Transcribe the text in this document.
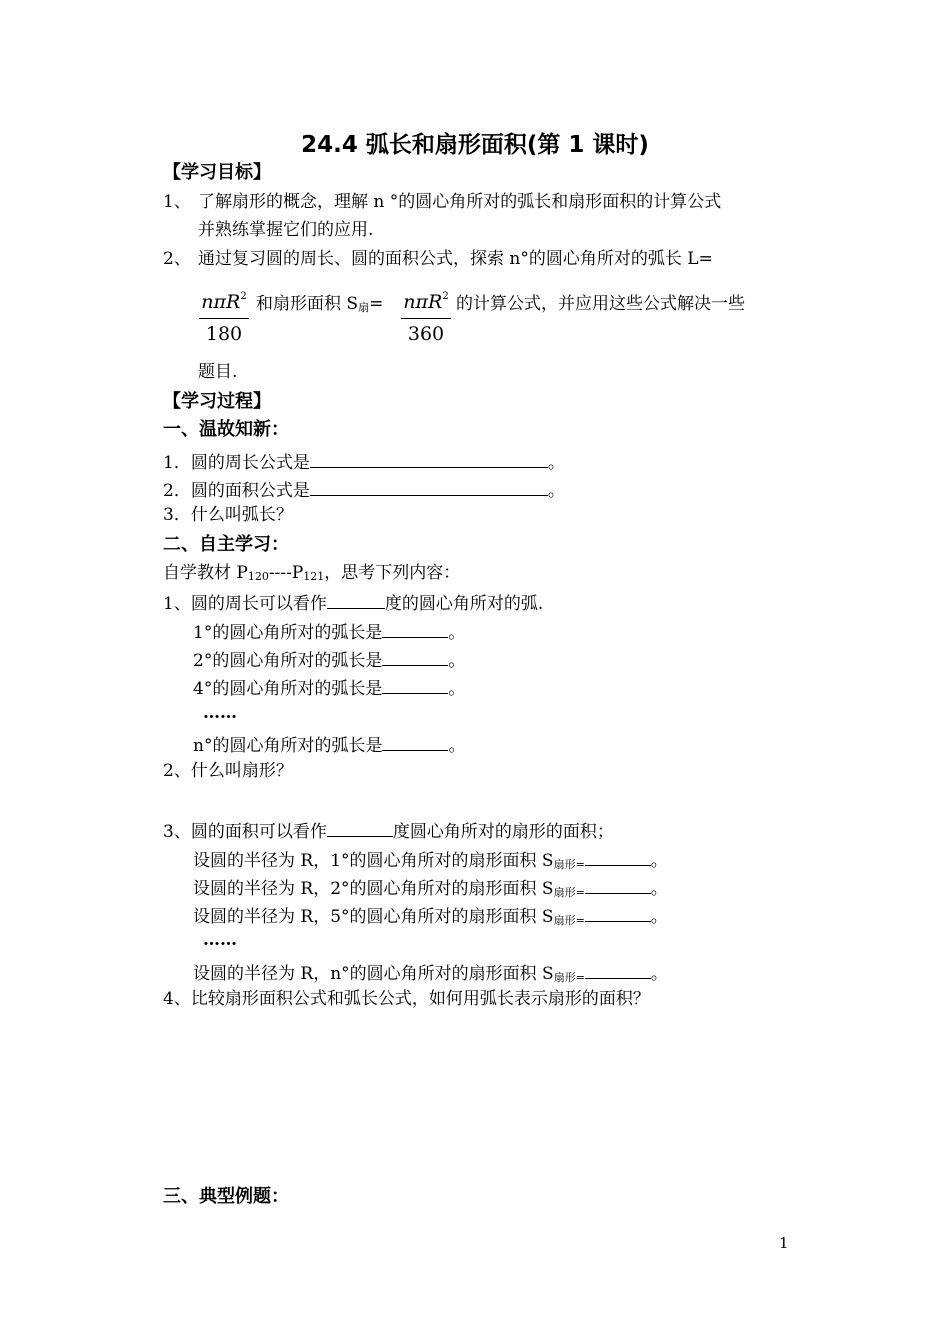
24.4 弧长和扇形面积(第 1 课时)
【学习目标】
1、 了解扇形的概念，理解 n °的圆心角所对的弧长和扇形面积的计算公式
并熟练掌握它们的应用.
2、 通过复习圆的周长、圆的面积公式，探索 n°的圆心角所对的弧长 L=
nπR$^2$
180
和扇形面积 S扇= nπR$^2$
360
的计算公式，并应用这些公式解决一些
题目.
【学习过程】
一、温故知新：
1．圆的周长公式是	。
2．圆的面积公式是	。
3．什么叫弧长？
二、自主学习：
自学教材 P120----P121，思考下列内容：
1、圆的周长可以看作	度的圆心角所对的弧.
1°的圆心角所对的弧长是	。
2°的圆心角所对的弧长是	。
4°的圆心角所对的弧长是	。
……
n°的圆心角所对的弧长是	。
2、什么叫扇形？
3、圆的面积可以看作	度圆心角所对的扇形的面积；
设圆的半径为 R，1°的圆心角所对的扇形面积 S扇形=	。
设圆的半径为 R，2°的圆心角所对的扇形面积 S扇形=	。
设圆的半径为 R，5°的圆心角所对的扇形面积 S扇形=	。
……
设圆的半径为 R，n°的圆心角所对的扇形面积 S扇形=	。
4、比较扇形面积公式和弧长公式，如何用弧长表示扇形的面积？
三、典型例题：
1
